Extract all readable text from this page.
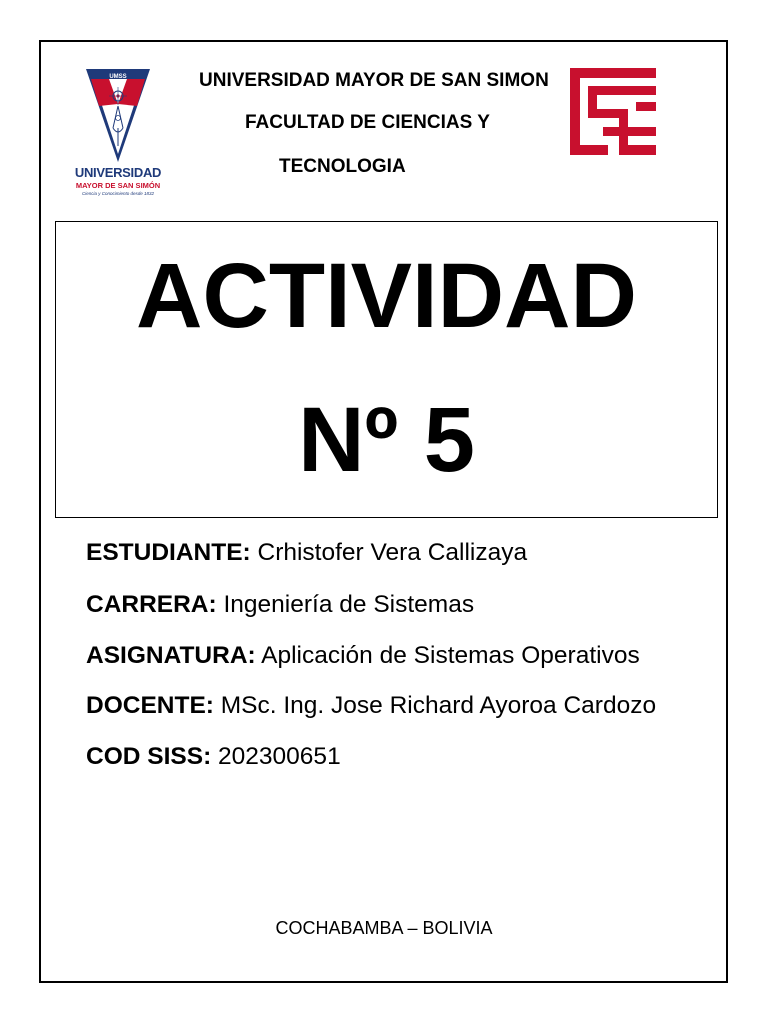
UMSS
UNIVERSIDAD
MAYOR DE SAN SIMÓN
Ciencia y Conocimiento desde 1832
UNIVERSIDAD MAYOR DE SAN SIMON
FACULTAD DE CIENCIAS Y
TECNOLOGIA
ACTIVIDAD
Nº 5
ESTUDIANTE: Crhistofer Vera Callizaya
CARRERA: Ingeniería de Sistemas
ASIGNATURA: Aplicación de Sistemas Operativos
DOCENTE: MSc. Ing. Jose Richard Ayoroa Cardozo
COD SISS: 202300651
COCHABAMBA – BOLIVIA
